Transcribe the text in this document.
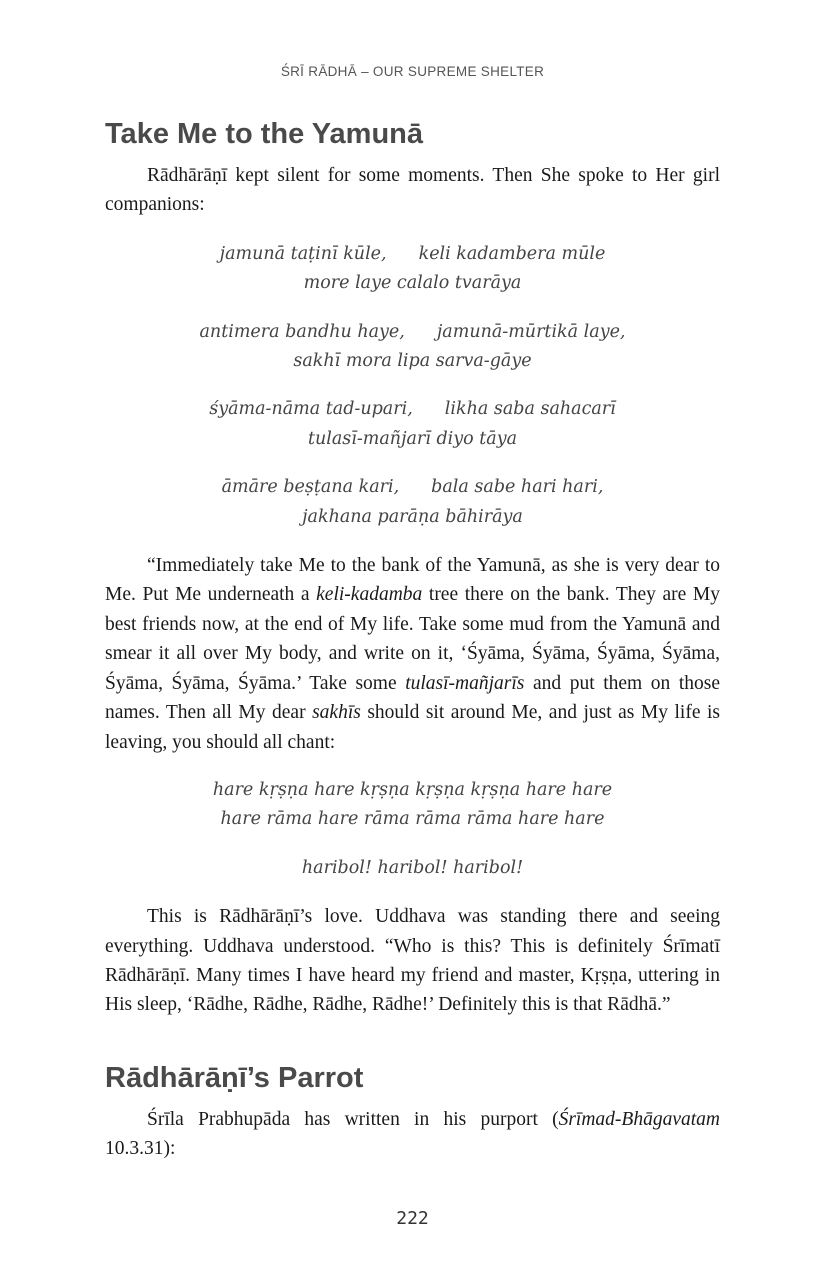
ŚRĪ RĀDHĀ – OUR SUPREME SHELTER
Take Me to the Yamunā

Rādhārāṇī kept silent for some moments. Then She spoke to Her girl companions:

jamunā taṭinī kūle, keli kadambera mūle
more laye calalo tvarāya
antimera bandhu haye, jamunā-mūrtikā laye,
sakhī mora lipa sarva-gāye
śyāma-nāma tad-upari, likha saba sahacarī
tulasī-mañjarī diyo tāya
āmāre beṣṭana kari, bala sabe hari hari,
jakhana parāṇa bāhirāya

“Immediately take Me to the bank of the Yamunā, as she is very dear to Me. Put Me underneath a keli-kadamba tree there on the bank. They are My best friends now, at the end of My life. Take some mud from the Yamunā and smear it all over My body, and write on it, ‘Śyāma, Śyāma, Śyāma, Śyāma, Śyāma, Śyāma, Śyāma.’ Take some tulasī-mañjarīs and put them on those names. Then all My dear sakhīs should sit around Me, and just as My life is leaving, you should all chant:

hare kṛṣṇa hare kṛṣṇa kṛṣṇa kṛṣṇa hare hare
hare rāma hare rāma rāma rāma hare hare
haribol! haribol! haribol!

This is Rādhārāṇī’s love. Uddhava was standing there and seeing everything. Uddhava understood. “Who is this? This is definitely Śrīmatī Rādhārāṇī. Many times I have heard my friend and master, Kṛṣṇa, uttering in His sleep, ‘Rādhe, Rādhe, Rādhe, Rādhe!’ Definitely this is that Rādhā.”

Rādhārāṇī’s Parrot

Śrīla Prabhupāda has written in his purport (Śrīmad-Bhāgavatam 10.3.31):

222
